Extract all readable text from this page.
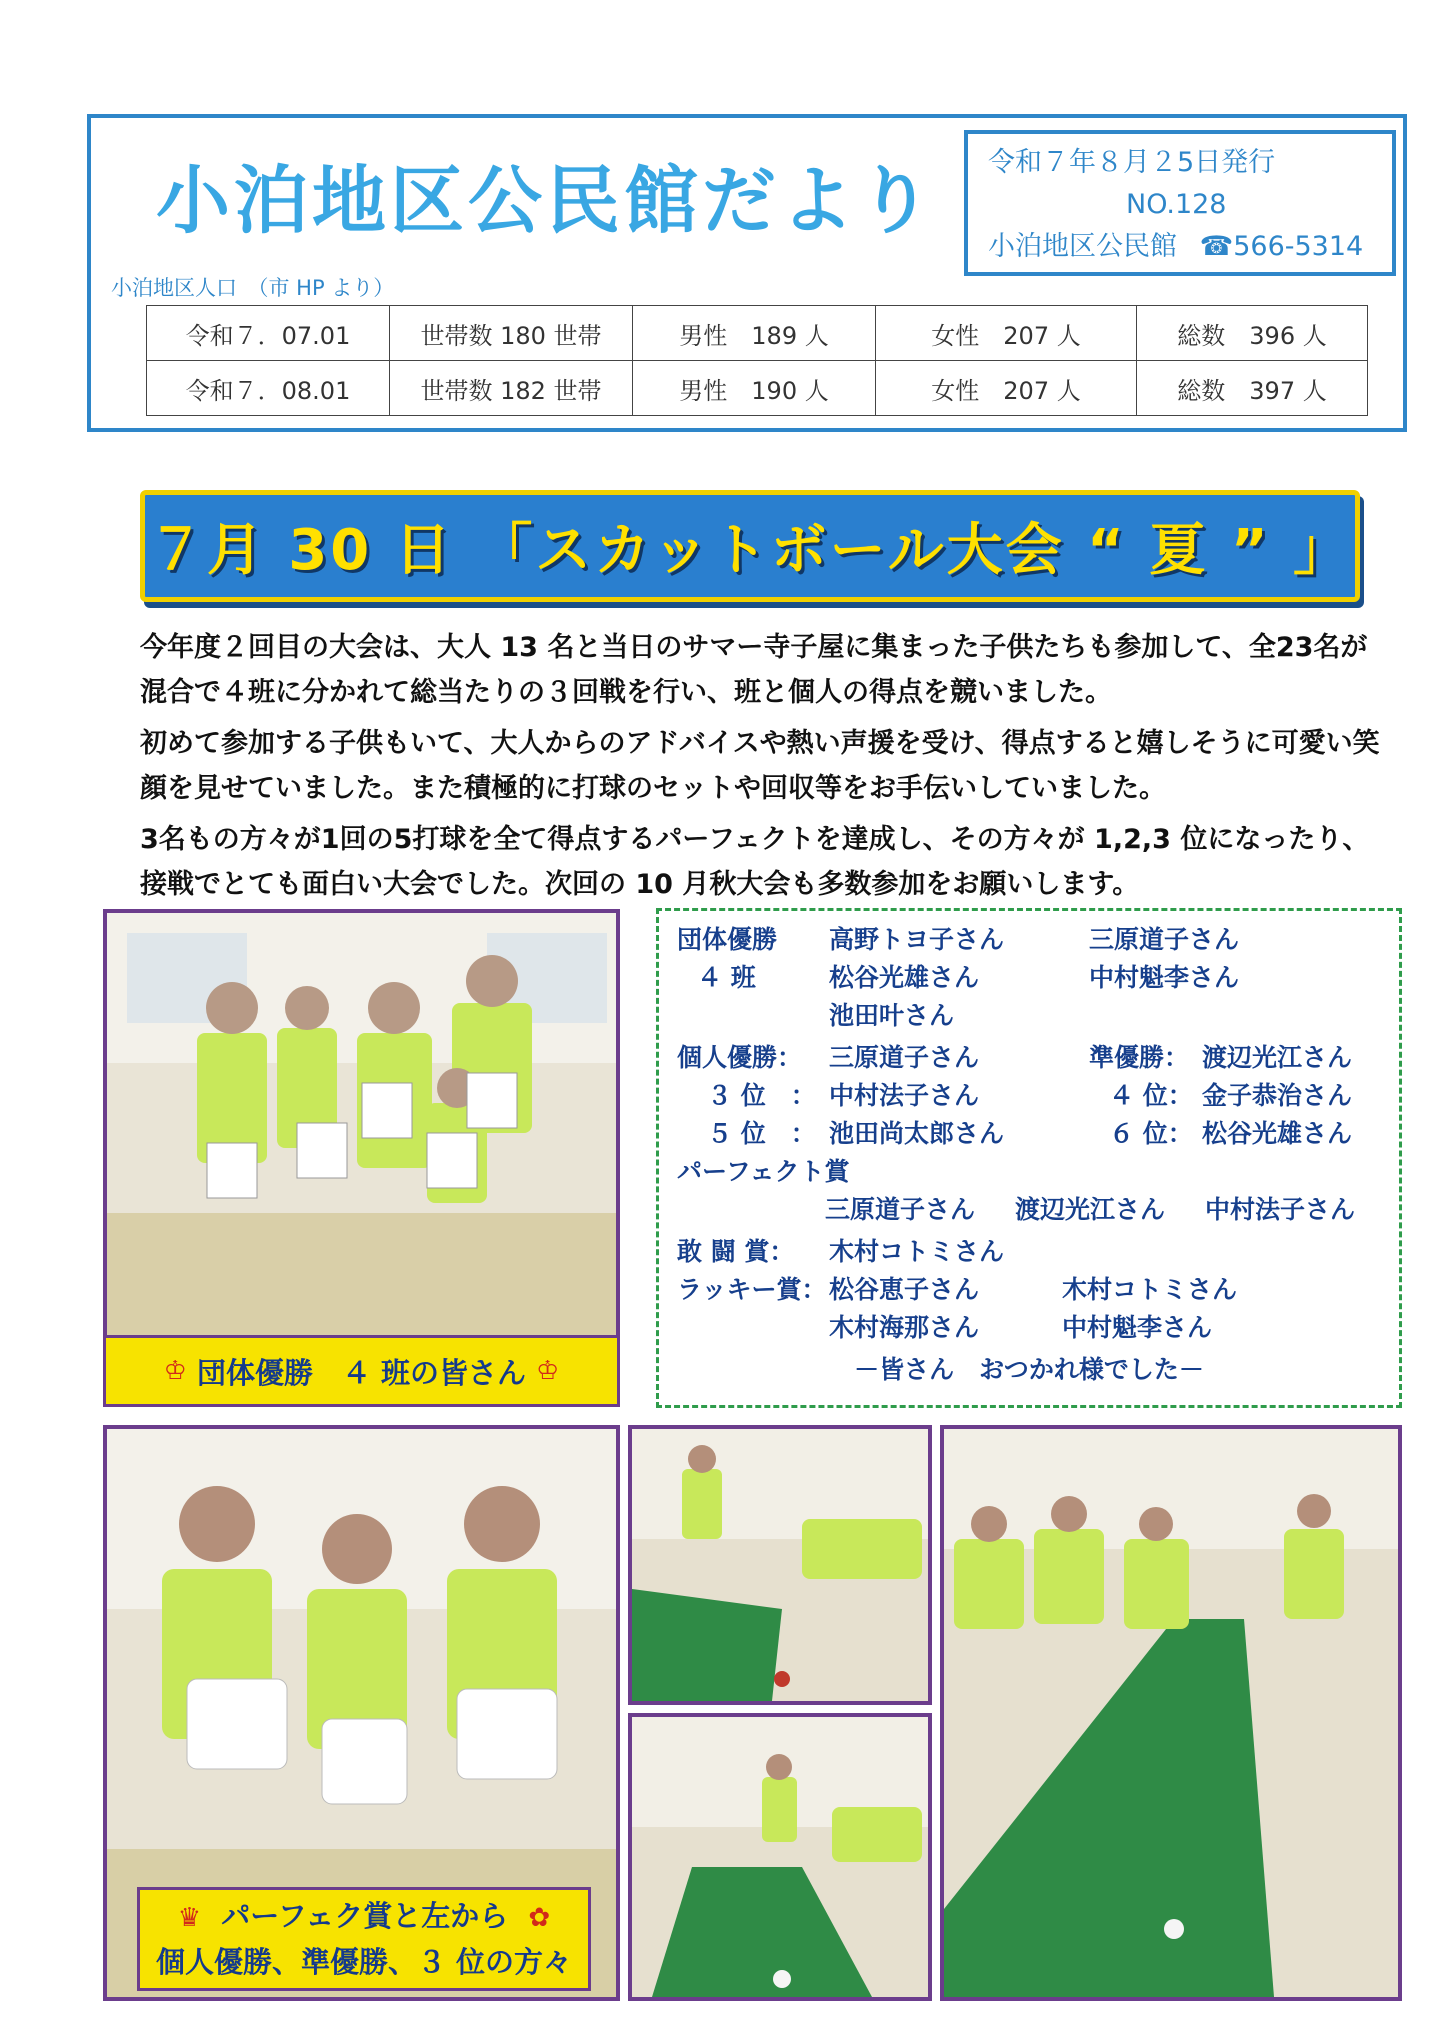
小泊地区公民館だより 令和７年８月２5日発行
NO.128
小泊地区公民館 ☎566-5314
小泊地区人口　（市 HP より）
令和７．07.01	世帯数 180 世帯	男性　189 人	女性　207 人	総数　396 人
令和７．08.01	世帯数 182 世帯	男性　190 人	女性　207 人	総数　397 人
７月 30 日 「スカットボール大会 “ 夏 ” 」

今年度２回目の大会は、大人 13 名と当日のサマー寺子屋に集まった子供たちも参加して、全23名が混合で４班に分かれて総当たりの３回戦を行い、班と個人の得点を競いました。

初めて参加する子供もいて、大人からのアドバイスや熱い声援を受け、得点すると嬉しそうに可愛い笑顔を見せていました。また積極的に打球のセットや回収等をお手伝いしていました。

3名もの方々が1回の5打球を全て得点するパーフェクトを達成し、その方々が 1,2,3 位になったり、接戦でとても面白い大会でした。次回の 10 月秋大会も多数参加をお願いします。

♔ 団体優勝　４ 班の皆さん ♔
団体優勝 高野トヨ子さん	三原道子さん
４ 班	松谷光雄さん	中村魁李さん
池田叶さん
個人優勝： 三原道子さん	準優勝： 渡辺光江さん
３ 位　： 中村法子さん	４ 位： 金子恭治さん
５ 位　： 池田尚太郎さん	６ 位： 松谷光雄さん
パーフェクト賞
三原道子さん 渡辺光江さん 中村法子さん
敢 闘 賞： 木村コトミさん
ラッキー賞： 松谷恵子さん	木村コトミさん
木村海那さん	中村魁李さん
－皆さん　おつかれ様でした－
♛ パーフェク賞と左から ✿
個人優勝、準優勝、３ 位の方々
